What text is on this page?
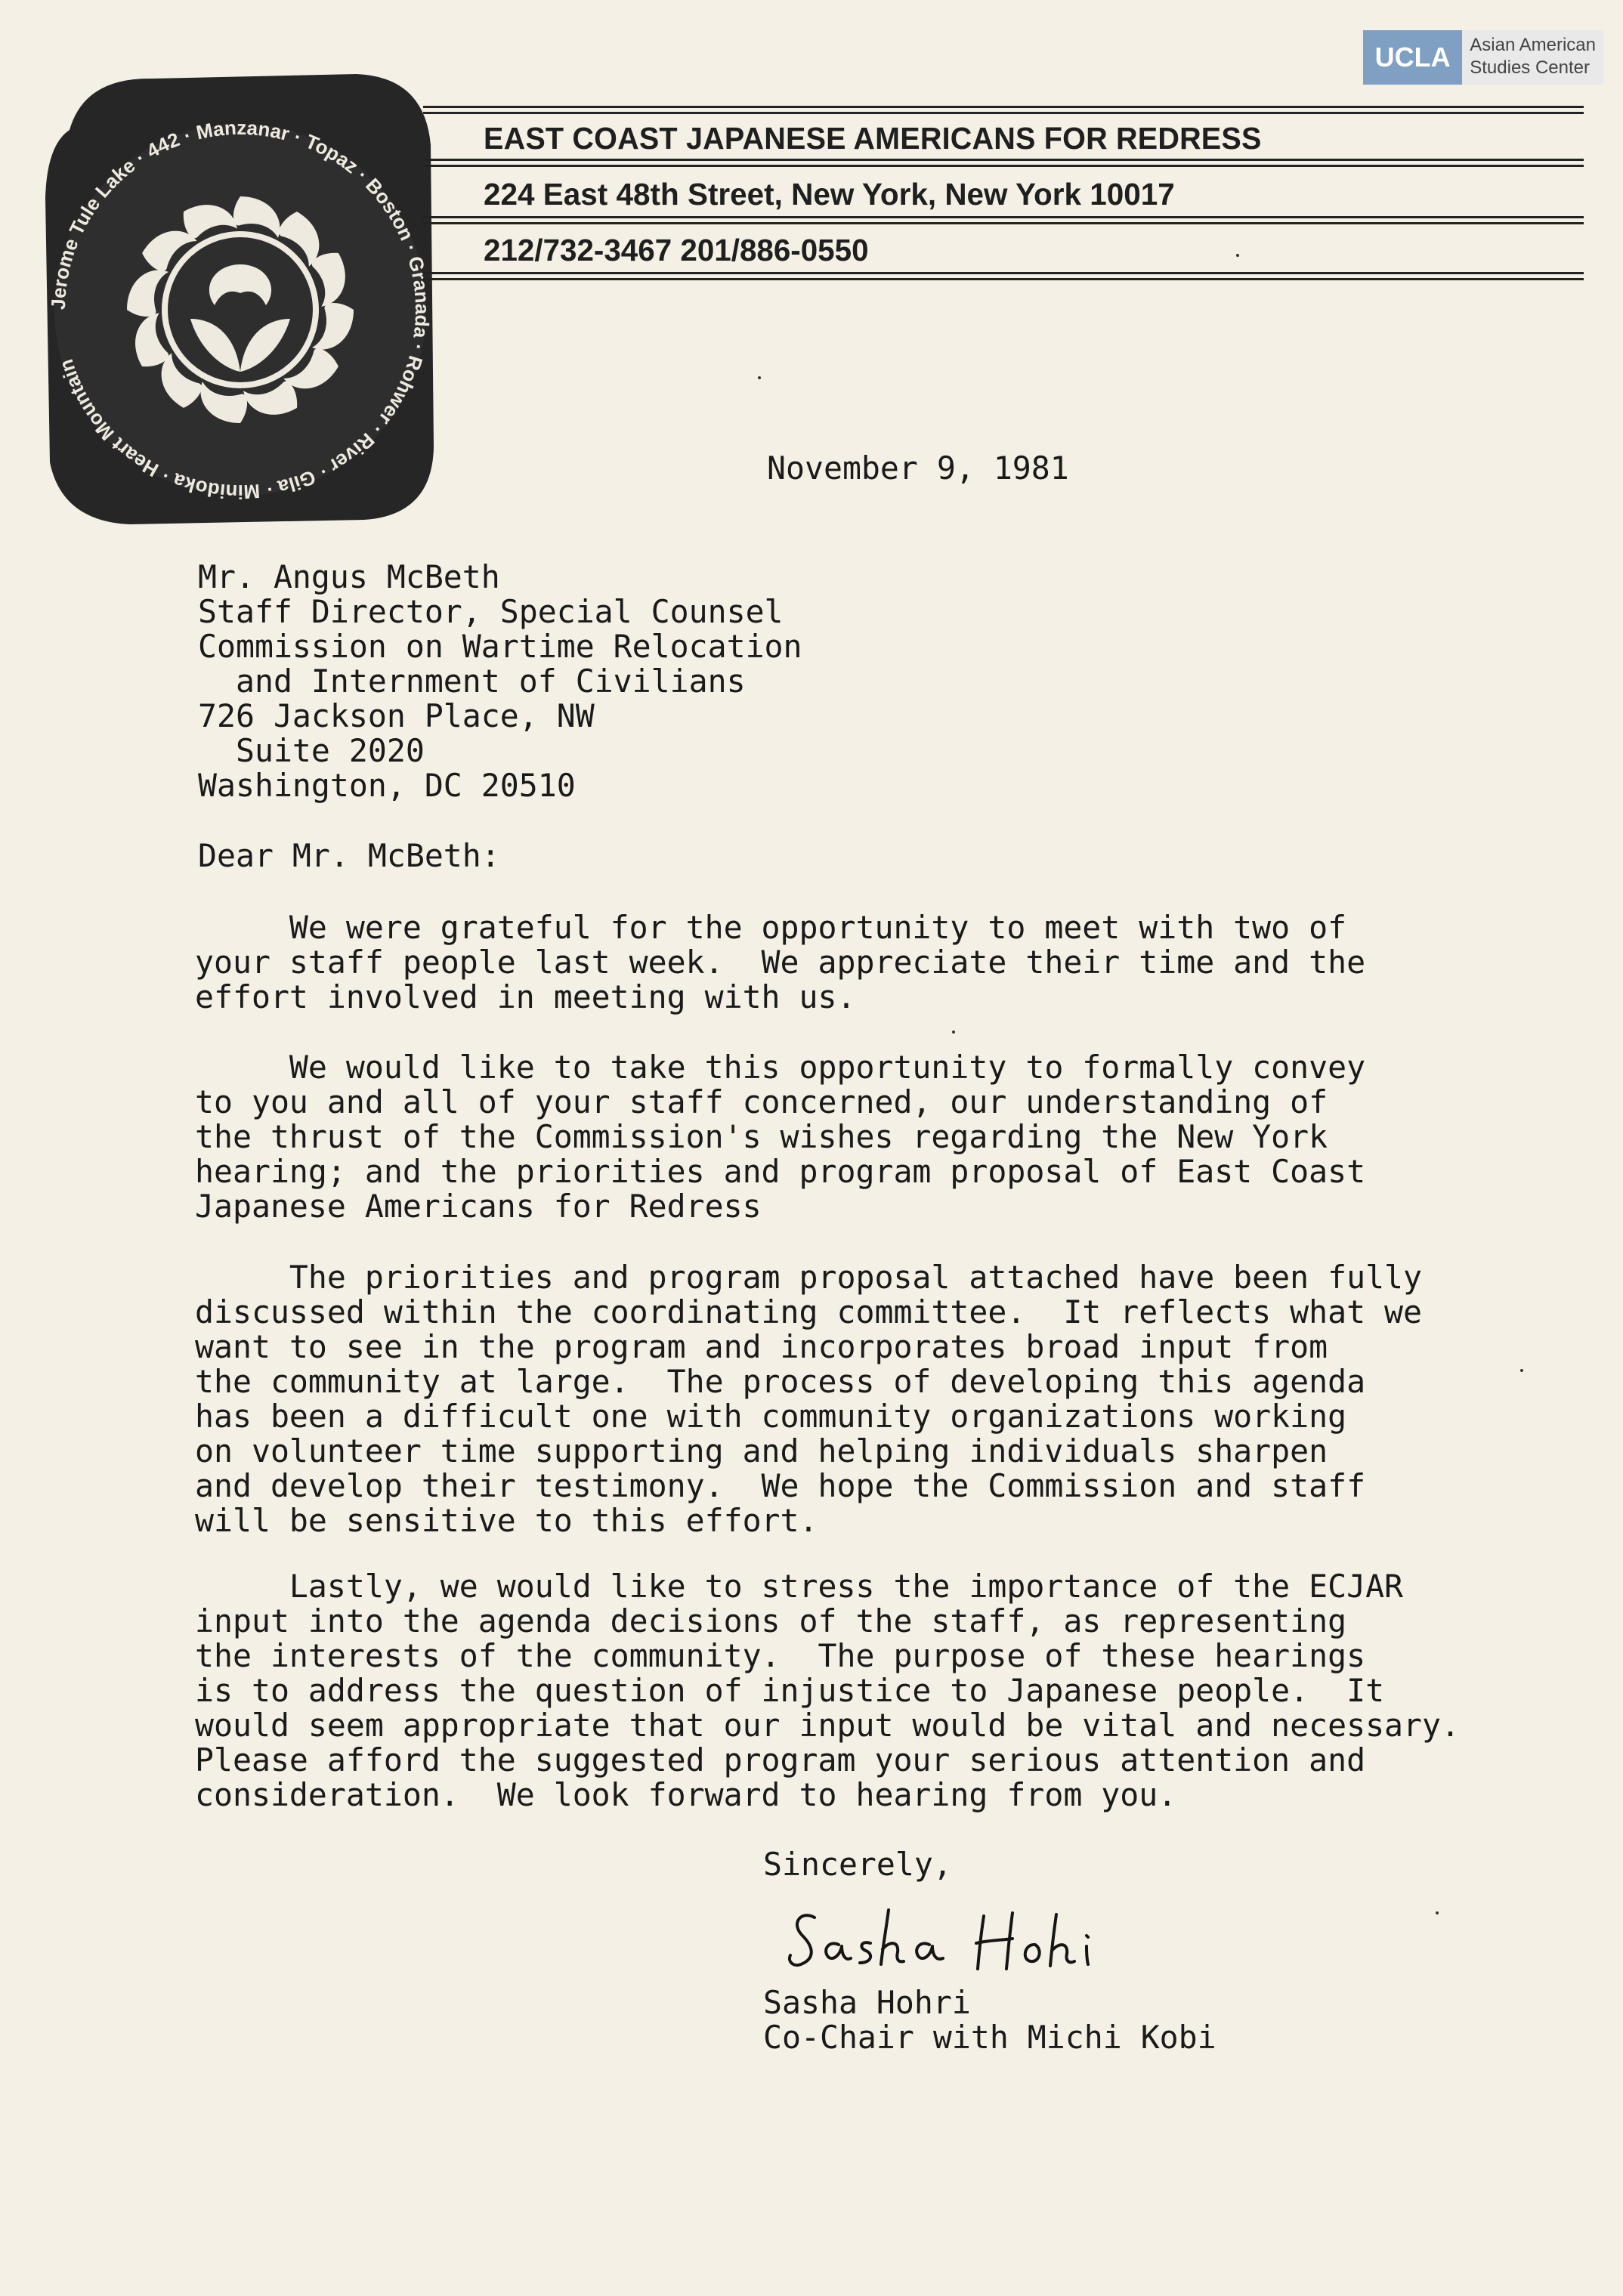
UCLA	Asian American
Studies Center
Jerome Tule Lake · 442 · Manzanar · Topaz · Boston · Granada · Rohwer · River · Gila · Minidoka · Heart Mountain
EAST COAST JAPANESE AMERICANS FOR REDRESS
224 East 48th Street, New York, New York 10017
212/732-3467 201/886-0550
November 9, 1981
Mr. Angus McBeth
Staff Director, Special Counsel
Commission on Wartime Relocation
and Internment of Civilians
726 Jackson Place, NW
Suite 2020
Washington, DC 20510
Dear Mr. McBeth:
We were grateful for the opportunity to meet with two of
your staff people last week.  We appreciate their time and the
effort involved in meeting with us.
We would like to take this opportunity to formally convey
to you and all of your staff concerned, our understanding of
the thrust of the Commission's wishes regarding the New York
hearing; and the priorities and program proposal of East Coast
Japanese Americans for Redress
The priorities and program proposal attached have been fully
discussed within the coordinating committee.  It reflects what we
want to see in the program and incorporates broad input from
the community at large.  The process of developing this agenda
has been a difficult one with community organizations working
on volunteer time supporting and helping individuals sharpen
and develop their testimony.  We hope the Commission and staff
will be sensitive to this effort.
Lastly, we would like to stress the importance of the ECJAR
input into the agenda decisions of the staff, as representing
the interests of the community.  The purpose of these hearings
is to address the question of injustice to Japanese people.  It
would seem appropriate that our input would be vital and necessary.
Please afford the suggested program your serious attention and
consideration.  We look forward to hearing from you.
Sincerely,
Sasha Hohri
Co-Chair with Michi Kobi
